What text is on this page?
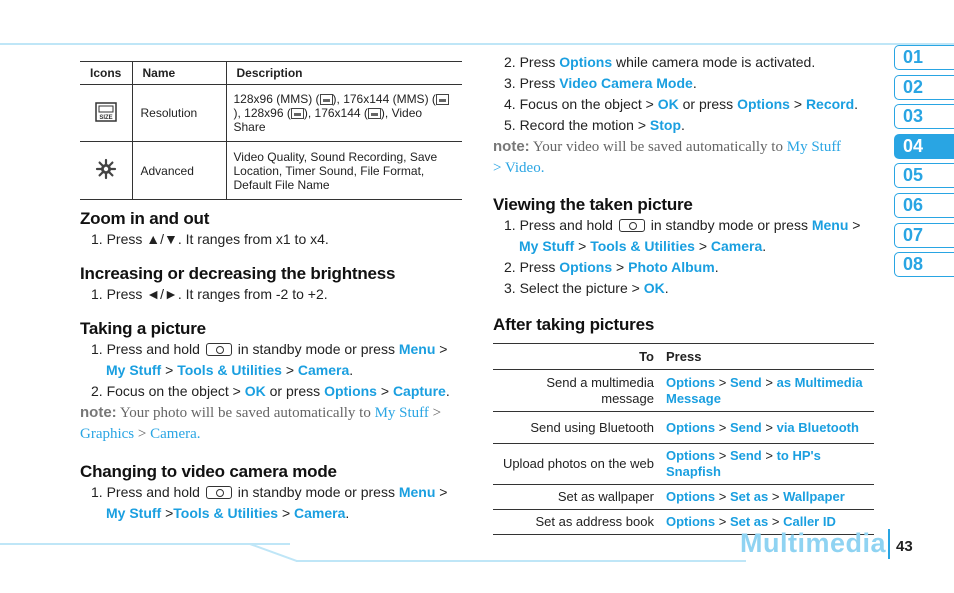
Icons	Name	Description

SIZE	Resolution	128x96 (MMS) ( ), 176x144 (MMS) (), 128x96 ( ), 176x144 ( ), Video Share
	Advanced	Video Quality, Sound Recording, Save Location, Timer Sound, File Format, Default File Name
Zoom in and out
1. Press ▲/▼. It ranges from x1 to x4.
Increasing or decreasing the brightness
1. Press ◄/►. It ranges from -2 to +2.
Taking a picture
1. Press and hold	in standby mode or press Menu >
My Stuff > Tools & Utilities > Camera.
2. Focus on the object > OK or press Options > Capture.
note: Your photo will be saved automatically to My Stuff >
Graphics > Camera.
Changing to video camera mode
1. Press and hold	in standby mode or press Menu >
My Stuff >Tools & Utilities > Camera.
2. Press Options while camera mode is activated.
3. Press Video Camera Mode.
4. Focus on the object > OK or press Options > Record.
5. Record the motion > Stop.
note: Your video will be saved automatically to My Stuff
> Video.
Viewing the taken picture
1. Press and hold	in standby mode or press Menu >
My Stuff > Tools & Utilities > Camera.
2. Press Options > Photo Album.
3. Select the picture > OK.
After taking pictures
To	Press
Send a multimedia message	Options > Send > as Multimedia Message
Send using Bluetooth	Options > Send > via Bluetooth
Upload photos on the web	Options > Send > to HP's Snapfish
Set as wallpaper	Options > Set as > Wallpaper
Set as address book	Options > Set as > Caller ID
01
02
03
04
05
06
07
08
Multimedia 43
